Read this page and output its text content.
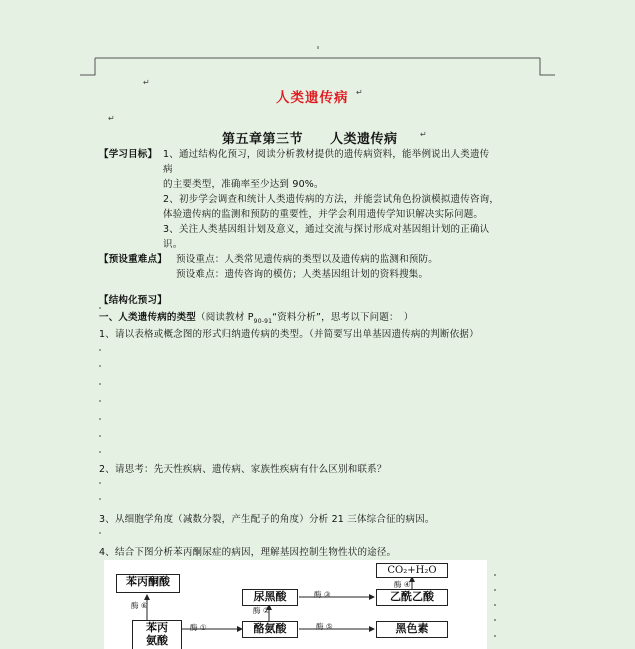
↵
人类遗传病 ↵
↵
第五章第三节　　人类遗传病	↵
【学习目标】 1、通过结构化预习，阅读分析教材提供的遗传病资料，能举例说出人类遗传
病
的主要类型，准确率至少达到 90%。
2、初步学会调查和统计人类遗传病的方法，并能尝试角色扮演模拟遗传咨询，
体验遗传病的监测和预防的重要性，并学会利用遗传学知识解决实际问题。
3、关注人类基因组计划及意义，通过交流与探讨形成对基因组计划的正确认
识。
【预设重难点】 预设重点：人类常见遗传病的类型以及遗传病的监测和预防。
预设难点：遗传咨询的模仿；人类基因组计划的资料搜集。
【结构化预习】
一、人类遗传病的类型（阅读教材 $P_{90-91}“$资料分析”，思考以下问题：　）
1、请以表格或概念图的形式归纳遗传病的类型。（并简要写出单基因遗传病的判断依据）
2、请思考：先天性疾病、遗传病、家族性疾病有什么区别和联系？
3、从细胞学角度（减数分裂，产生配子的角度）分析 21 三体综合征的病因。
4、结合下图分析苯丙酮尿症的病因，理解基因控制生物性状的途径。
苯丙酮酸
苯丙
氨酸
尿黑酸
酪氨酸
CO₂+H₂O
乙酰乙酸
黑色素
酶 ⑥
酶 ①
酶 ②
酶 ③
酶 ④
酶 ⑤
